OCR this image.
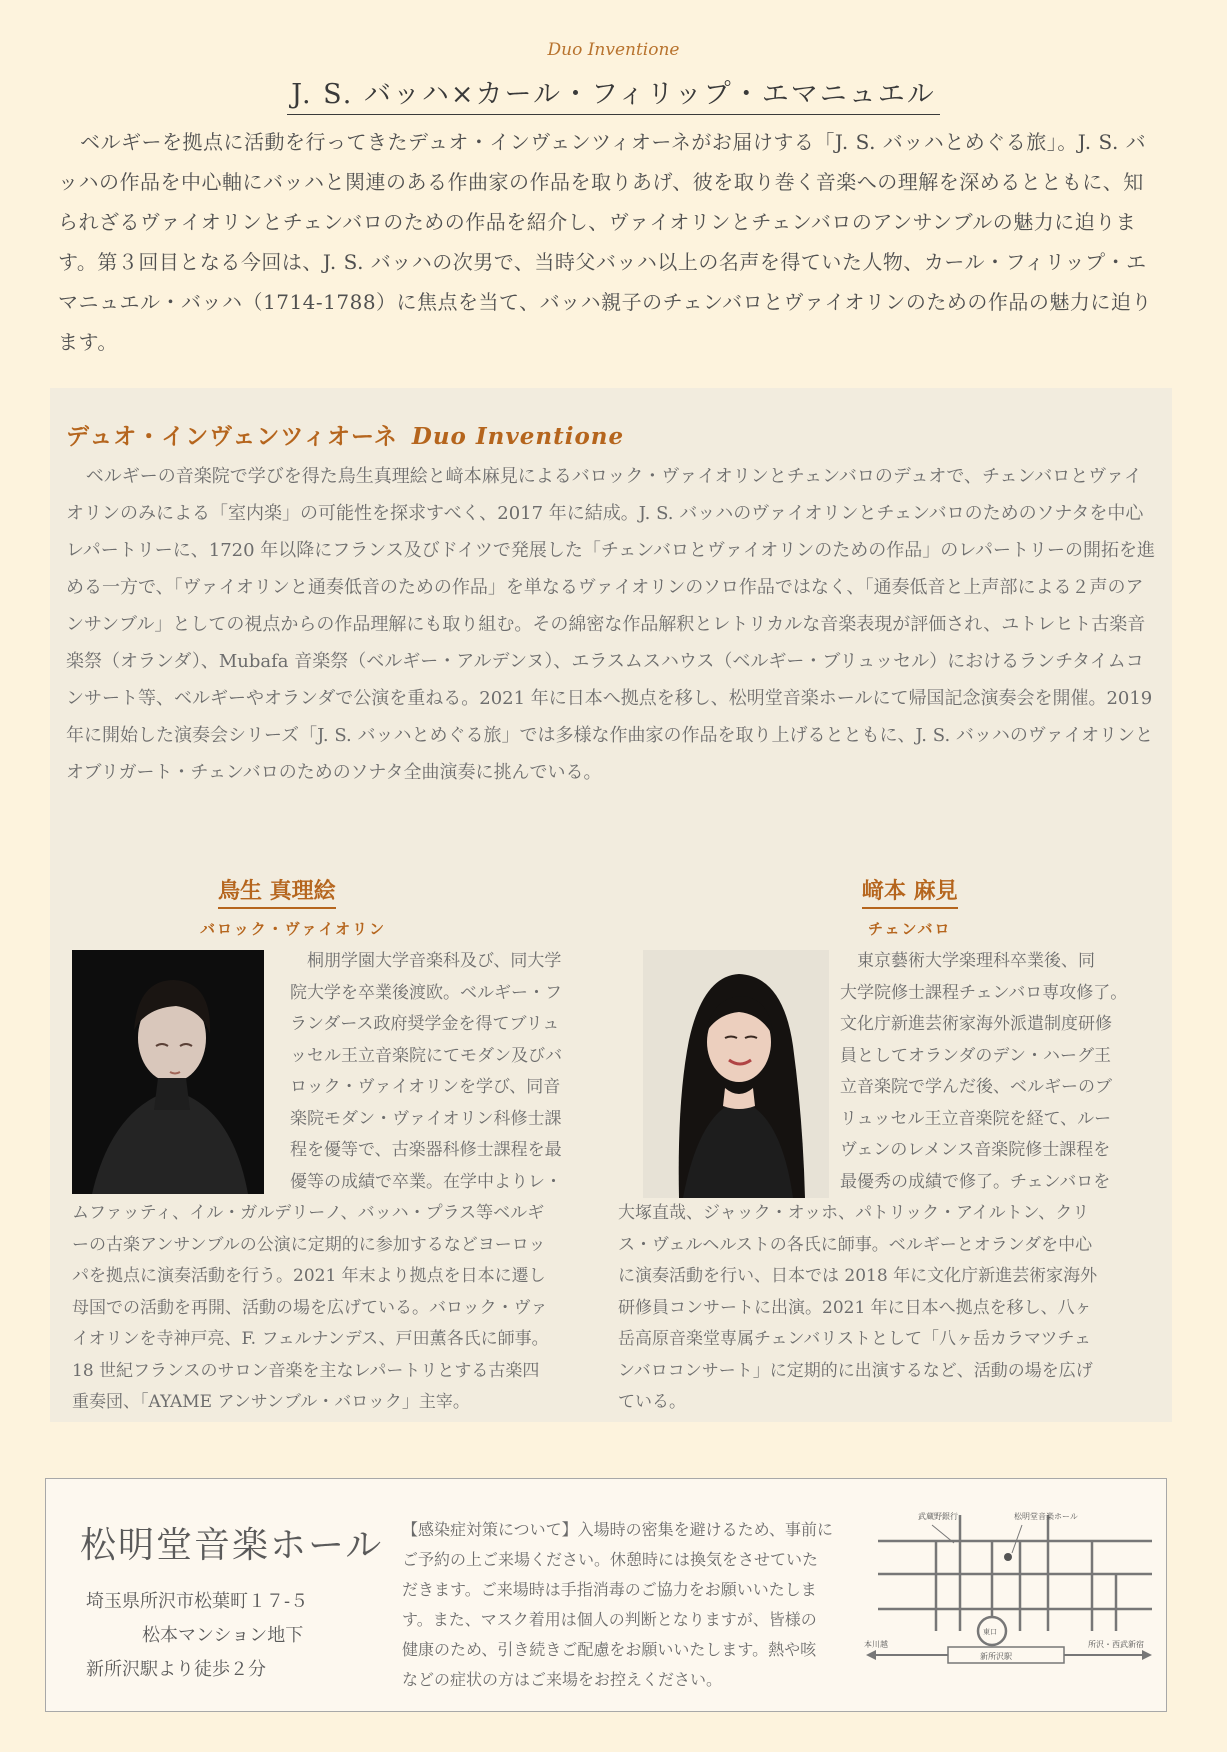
Duo Inventione
J. S. バッハ×カール・フィリップ・エマニュエル
ベルギーを拠点に活動を行ってきたデュオ・インヴェンツィオーネがお届けする「J. S. バッハとめぐる旅」。J. S. バッハの作品を中心軸にバッハと関連のある作曲家の作品を取りあげ、彼を取り巻く音楽への理解を深めるとともに、知られざるヴァイオリンとチェンバロのための作品を紹介し、ヴァイオリンとチェンバロのアンサンブルの魅力に迫ります。第３回目となる今回は、J. S. バッハの次男で、当時父バッハ以上の名声を得ていた人物、カール・フィリップ・エマニュエル・バッハ（1714-1788）に焦点を当て、バッハ親子のチェンバロとヴァイオリンのための作品の魅力に迫ります。
デュオ・インヴェンツィオーネ Duo Inventione
ベルギーの音楽院で学びを得た鳥生真理絵と﨑本麻見によるバロック・ヴァイオリンとチェンバロのデュオで、チェンバロとヴァイオリンのみによる「室内楽」の可能性を探求すべく、2017 年に結成。J. S. バッハのヴァイオリンとチェンバロのためのソナタを中心レパートリーに、1720 年以降にフランス及びドイツで発展した「チェンバロとヴァイオリンのための作品」のレパートリーの開拓を進める一方で、「ヴァイオリンと通奏低音のための作品」を単なるヴァイオリンのソロ作品ではなく、「通奏低音と上声部による２声のアンサンブル」としての視点からの作品理解にも取り組む。その綿密な作品解釈とレトリカルな音楽表現が評価され、ユトレヒト古楽音楽祭（オランダ）、Mubafa 音楽祭（ベルギー・アルデンヌ）、エラスムスハウス（ベルギー・ブリュッセル）におけるランチタイムコンサート等、ベルギーやオランダで公演を重ねる。2021 年に日本へ拠点を移し、松明堂音楽ホールにて帰国記念演奏会を開催。2019 年に開始した演奏会シリーズ「J. S. バッハとめぐる旅」では多様な作曲家の作品を取り上げるとともに、J. S. バッハのヴァイオリンとオブリガート・チェンバロのためのソナタ全曲演奏に挑んでいる。
鳥生 真理絵
バロック・ヴァイオリン
　桐朋学園大学音楽科及び、同大学
院大学を卒業後渡欧。ベルギー・フ
ランダース政府奨学金を得てブリュ
ッセル王立音楽院にてモダン及びバ
ロック・ヴァイオリンを学び、同音
楽院モダン・ヴァイオリン科修士課
程を優等で、古楽器科修士課程を最
優等の成績で卒業。在学中よりレ・
ムファッティ、イル・ガルデリーノ、バッハ・プラス等ベルギ
ーの古楽アンサンブルの公演に定期的に参加するなどヨーロッ
パを拠点に演奏活動を行う。2021 年末より拠点を日本に遷し
母国での活動を再開、活動の場を広げている。バロック・ヴァ
イオリンを寺神戸亮、F. フェルナンデス、戸田薫各氏に師事。
18 世紀フランスのサロン音楽を主なレパートリとする古楽四
重奏団、「AYAME アンサンブル・バロック」主宰。
﨑本 麻見
チェンバロ
　東京藝術大学楽理科卒業後、同
大学院修士課程チェンバロ専攻修了。
文化庁新進芸術家海外派遣制度研修
員としてオランダのデン・ハーグ王
立音楽院で学んだ後、ベルギーのブ
リュッセル王立音楽院を経て、ルー
ヴェンのレメンス音楽院修士課程を
最優秀の成績で修了。チェンバロを
大塚直哉、ジャック・オッホ、パトリック・アイルトン、クリ
ス・ヴェルヘルストの各氏に師事。ベルギーとオランダを中心
に演奏活動を行い、日本では 2018 年に文化庁新進芸術家海外
研修員コンサートに出演。2021 年に日本へ拠点を移し、八ヶ
岳高原音楽堂専属チェンバリストとして「八ヶ岳カラマツチェ
ンバロコンサート」に定期的に出演するなど、活動の場を広げ
ている。
松明堂音楽ホール
埼玉県所沢市松葉町１７-５
松本マンション地下
新所沢駅より徒歩２分
【感染症対策について】入場時の密集を避けるため、事前に
ご予約の上ご来場ください。休憩時には換気をさせていた
だきます。ご来場時は手指消毒のご協力をお願いいたしま
す。また、マスク着用は個人の判断となりますが、皆様の
健康のため、引き続きご配慮をお願いいたします。熱や咳
などの症状の方はご来場をお控えください。
武蔵野銀行	松明堂音楽ホール
東口
新所沢駅
本川越	所沢・西武新宿
